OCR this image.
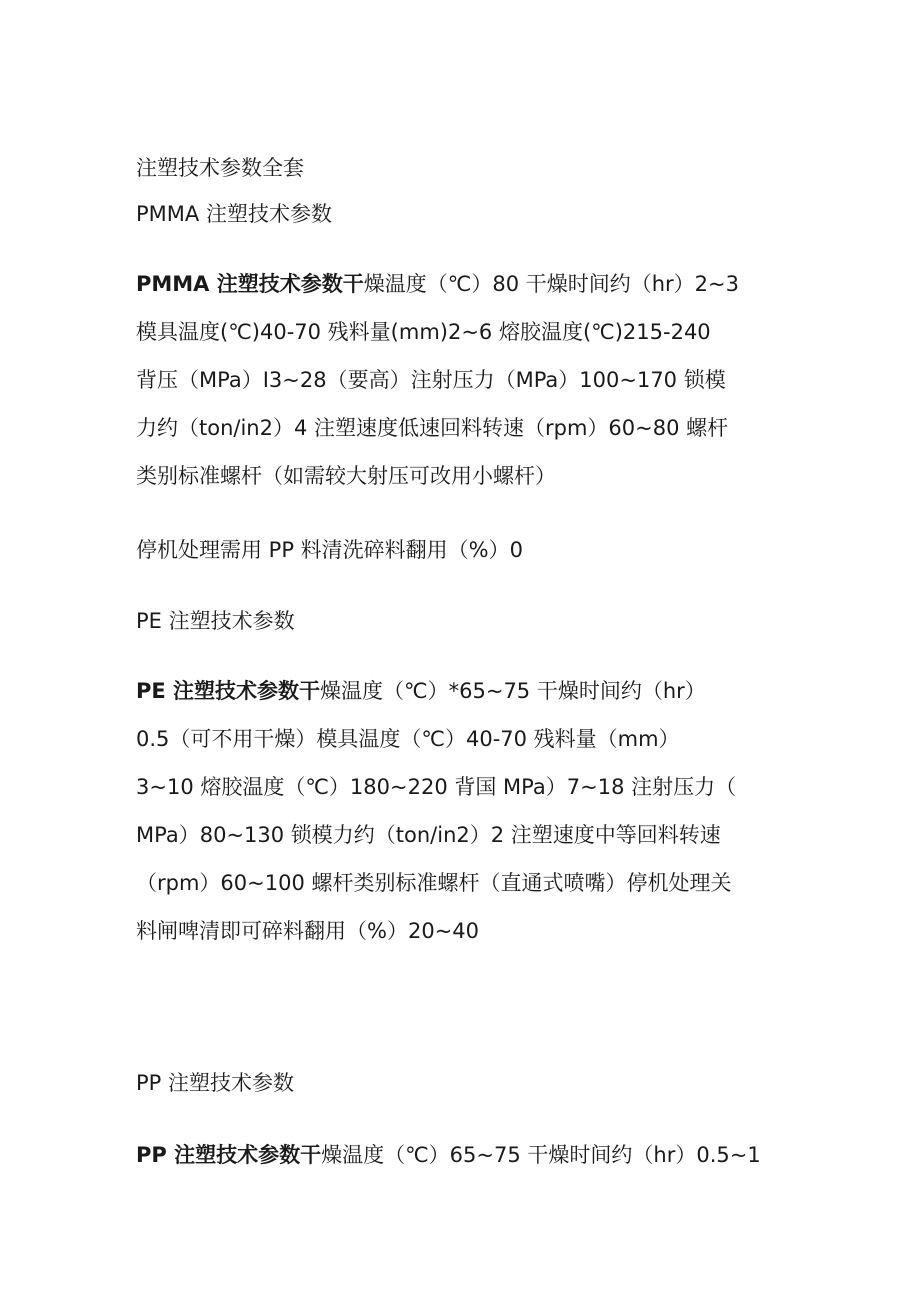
注塑技术参数全套
PMMA 注塑技术参数
PMMA 注塑技术参数干燥温度（℃）80 干燥时间约（hr）2~3
模具温度(℃)40-70 残料量(mm)2~6 熔胶温度(℃)215-240
背压（MPa）I3~28（要高）注射压力（MPa）100~170 锁模
力约（ton/in2）4 注塑速度低速回料转速（rpm）60~80 螺杆
类别标准螺杆（如需较大射压可改用小螺杆）
停机处理需用 PP 料清洗碎料翻用（%）0
PE 注塑技术参数
PE 注塑技术参数干燥温度（℃）*65~75 干燥时间约（hr）
0.5（可不用干燥）模具温度（℃）40-70 残料量（mm）
3~10 熔胶温度（℃）180~220 背国 MPa）7~18 注射压力（
MPa）80~130 锁模力约（ton/in2）2 注塑速度中等回料转速
（rpm）60~100 螺杆类别标准螺杆（直通式喷嘴）停机处理关
料闸啤清即可碎料翻用（%）20~40
PP 注塑技术参数
PP 注塑技术参数干燥温度（℃）65~75 干燥时间约（hr）0.5~1
